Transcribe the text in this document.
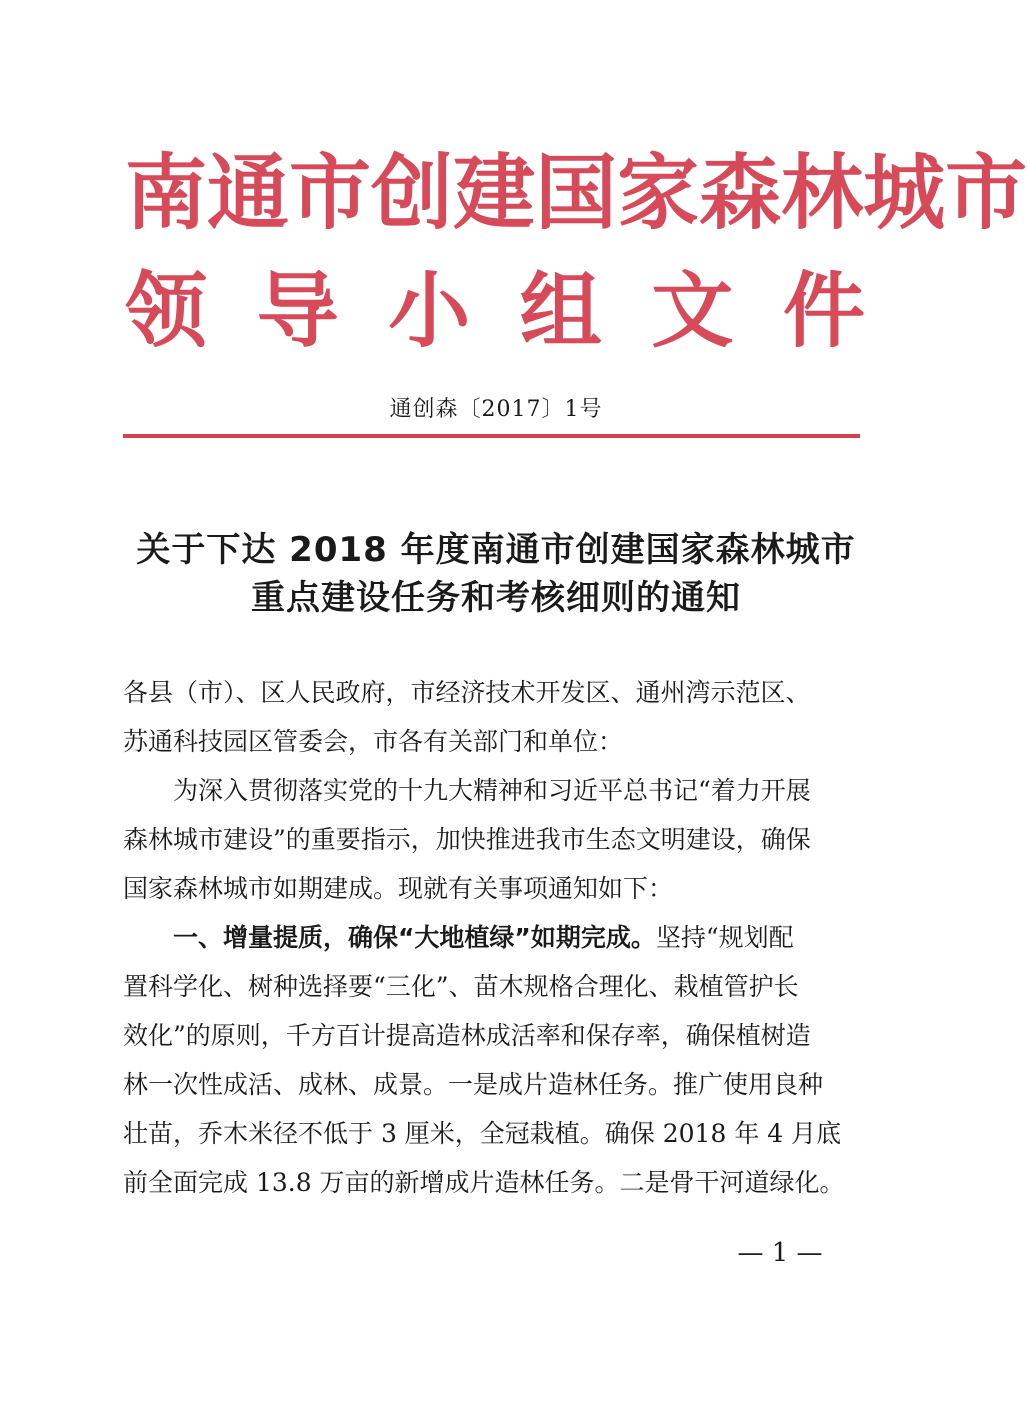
南 通 市 创 建 国 家 森 林 城 市
领 导 小 组 文 件
通创森〔2017〕1号
关于下达 2018 年度南通市创建国家森林城市
重点建设任务和考核细则的通知
各县（市）、区人民政府，市经济技术开发区、通州湾示范区、
苏通科技园区管委会，市各有关部门和单位：
为深入贯彻落实党的十九大精神和习近平总书记“着力开展
森林城市建设”的重要指示，加快推进我市生态文明建设，确保
国家森林城市如期建成。现就有关事项通知如下：
一、增量提质，确保“大地植绿”如期完成。 坚持“规划配
置科学化、树种选择要“三化”、苗木规格合理化、栽植管护长
效化”的原则，千方百计提高造林成活率和保存率，确保植树造
林一次性成活、成林、成景。一是成片造林任务。推广使用良种
壮苗，乔木米径不低于 3 厘米，全冠栽植。确保 2018 年 4 月底
前全面完成 13.8 万亩的新增成片造林任务。二是骨干河道绿化。
— 1 —
